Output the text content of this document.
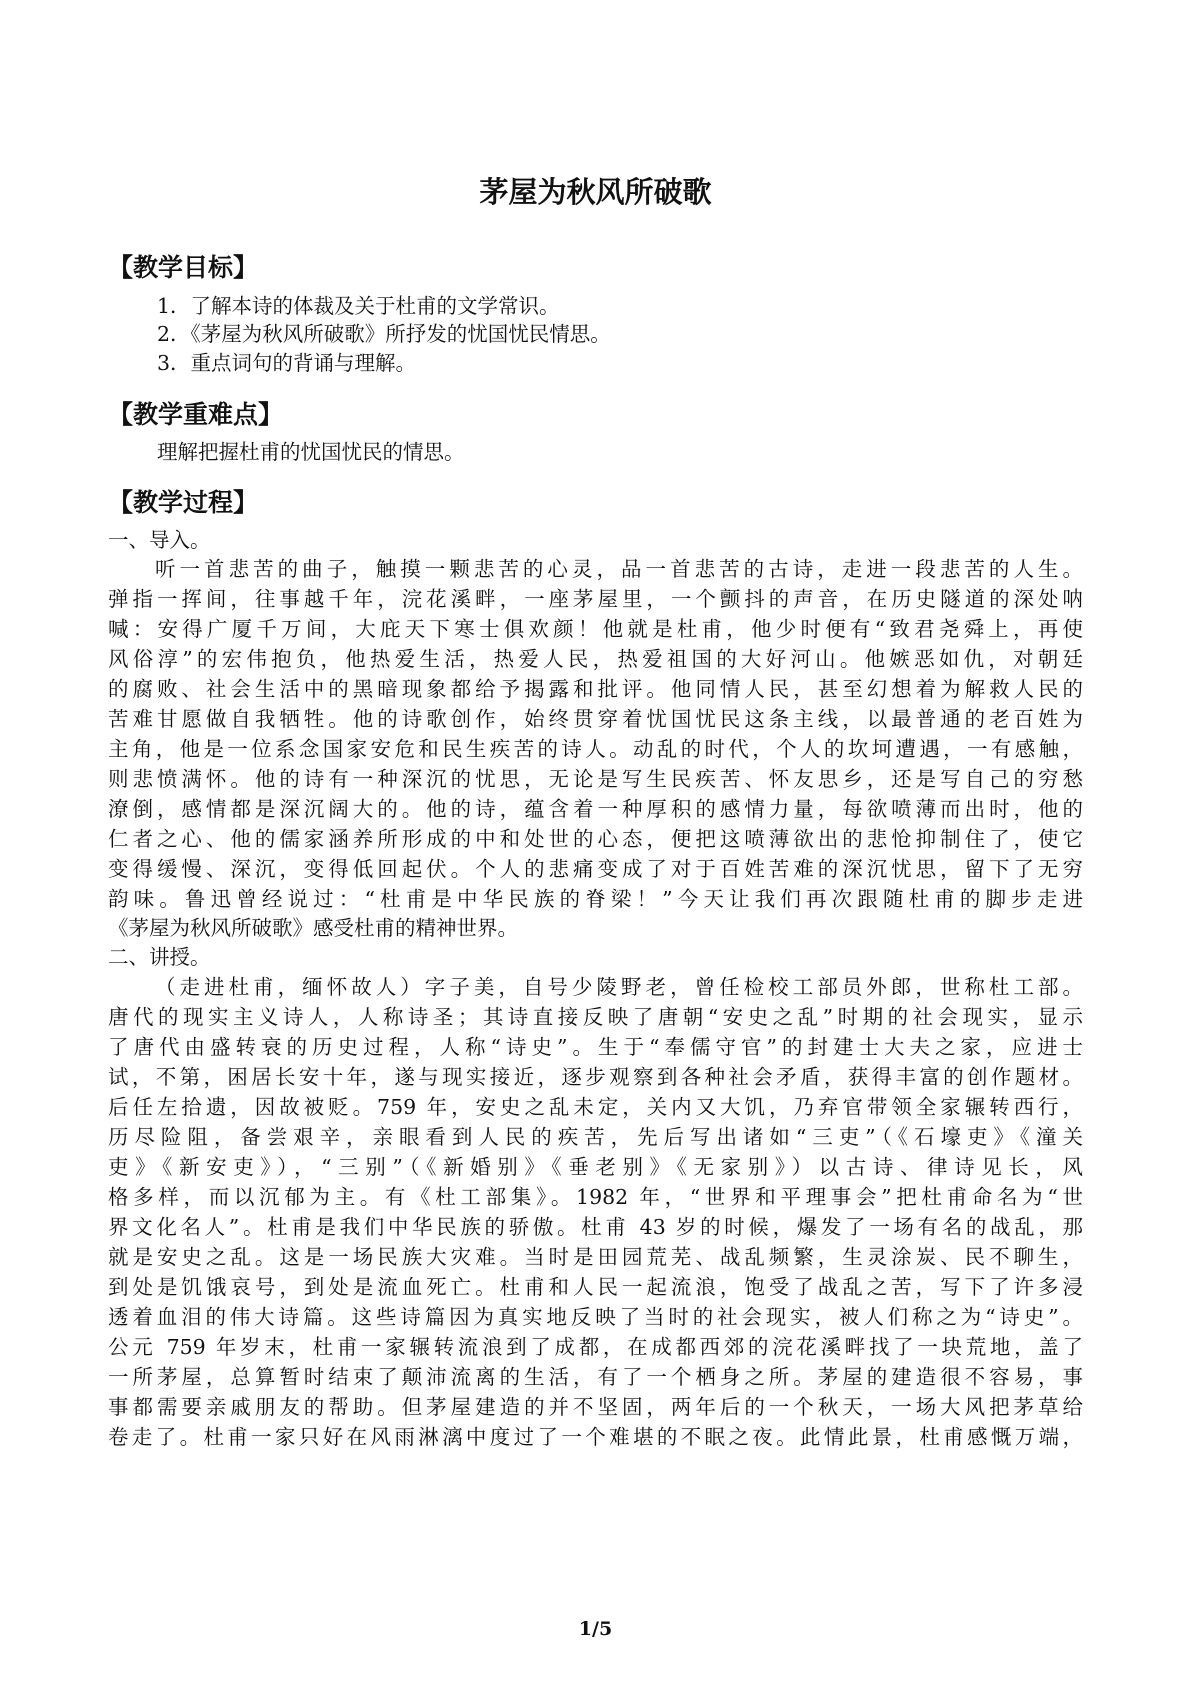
茅屋为秋风所破歌
【教学目标】
1．了解本诗的体裁及关于杜甫的文学常识。
2．《茅屋为秋风所破歌》所抒发的忧国忧民情思。
3．重点词句的背诵与理解。
【教学重难点】
理解把握杜甫的忧国忧民的情思。
【教学过程】
一、导入。
听一首悲苦的曲子，触摸一颗悲苦的心灵，品一首悲苦的古诗，走进一段悲苦的人生。
弹指一挥间，往事越千年，浣花溪畔，一座茅屋里，一个颤抖的声音，在历史隧道的深处呐
喊：安得广厦千万间，大庇天下寒士俱欢颜！他就是杜甫，他少时便有“致君尧舜上，再使
风俗淳”的宏伟抱负，他热爱生活，热爱人民，热爱祖国的大好河山。他嫉恶如仇，对朝廷
的腐败、社会生活中的黑暗现象都给予揭露和批评。他同情人民，甚至幻想着为解救人民的
苦难甘愿做自我牺牲。他的诗歌创作，始终贯穿着忧国忧民这条主线，以最普通的老百姓为
主角，他是一位系念国家安危和民生疾苦的诗人。动乱的时代，个人的坎坷遭遇，一有感触，
则悲愤满怀。他的诗有一种深沉的忧思，无论是写生民疾苦、怀友思乡，还是写自己的穷愁
潦倒，感情都是深沉阔大的。他的诗，蕴含着一种厚积的感情力量，每欲喷薄而出时，他的
仁者之心、他的儒家涵养所形成的中和处世的心态，便把这喷薄欲出的悲怆抑制住了，使它
变得缓慢、深沉，变得低回起伏。个人的悲痛变成了对于百姓苦难的深沉忧思，留下了无穷
韵味。鲁迅曾经说过：“杜甫是中华民族的脊梁！”今天让我们再次跟随杜甫的脚步走进
《茅屋为秋风所破歌》感受杜甫的精神世界。
二、讲授。
（走进杜甫，缅怀故人）字子美，自号少陵野老，曾任检校工部员外郎，世称杜工部。
唐代的现实主义诗人，人称诗圣；其诗直接反映了唐朝“安史之乱”时期的社会现实，显示
了唐代由盛转衰的历史过程，人称“诗史”。生于“奉儒守官”的封建士大夫之家，应进士
试，不第，困居长安十年，遂与现实接近，逐步观察到各种社会矛盾，获得丰富的创作题材。
后任左拾遗，因故被贬。759 年，安史之乱未定，关内又大饥，乃弃官带领全家辗转西行，
历尽险阻，备尝艰辛，亲眼看到人民的疾苦，先后写出诸如“三吏”（《石壕吏》《潼关
吏》《新安吏》），“三别”（《新婚别》《垂老别》《无家别》）以古诗、律诗见长，风
格多样，而以沉郁为主。有《杜工部集》。1982 年，“世界和平理事会”把杜甫命名为“世
界文化名人”。杜甫是我们中华民族的骄傲。杜甫 43 岁的时候，爆发了一场有名的战乱，那
就是安史之乱。这是一场民族大灾难。当时是田园荒芜、战乱频繁，生灵涂炭、民不聊生，
到处是饥饿哀号，到处是流血死亡。杜甫和人民一起流浪，饱受了战乱之苦，写下了许多浸
透着血泪的伟大诗篇。这些诗篇因为真实地反映了当时的社会现实，被人们称之为“诗史”。
公元 759 年岁末，杜甫一家辗转流浪到了成都，在成都西郊的浣花溪畔找了一块荒地，盖了
一所茅屋，总算暂时结束了颠沛流离的生活，有了一个栖身之所。茅屋的建造很不容易，事
事都需要亲戚朋友的帮助。但茅屋建造的并不坚固，两年后的一个秋天，一场大风把茅草给
卷走了。杜甫一家只好在风雨淋漓中度过了一个难堪的不眠之夜。此情此景，杜甫感慨万端，
1/5
